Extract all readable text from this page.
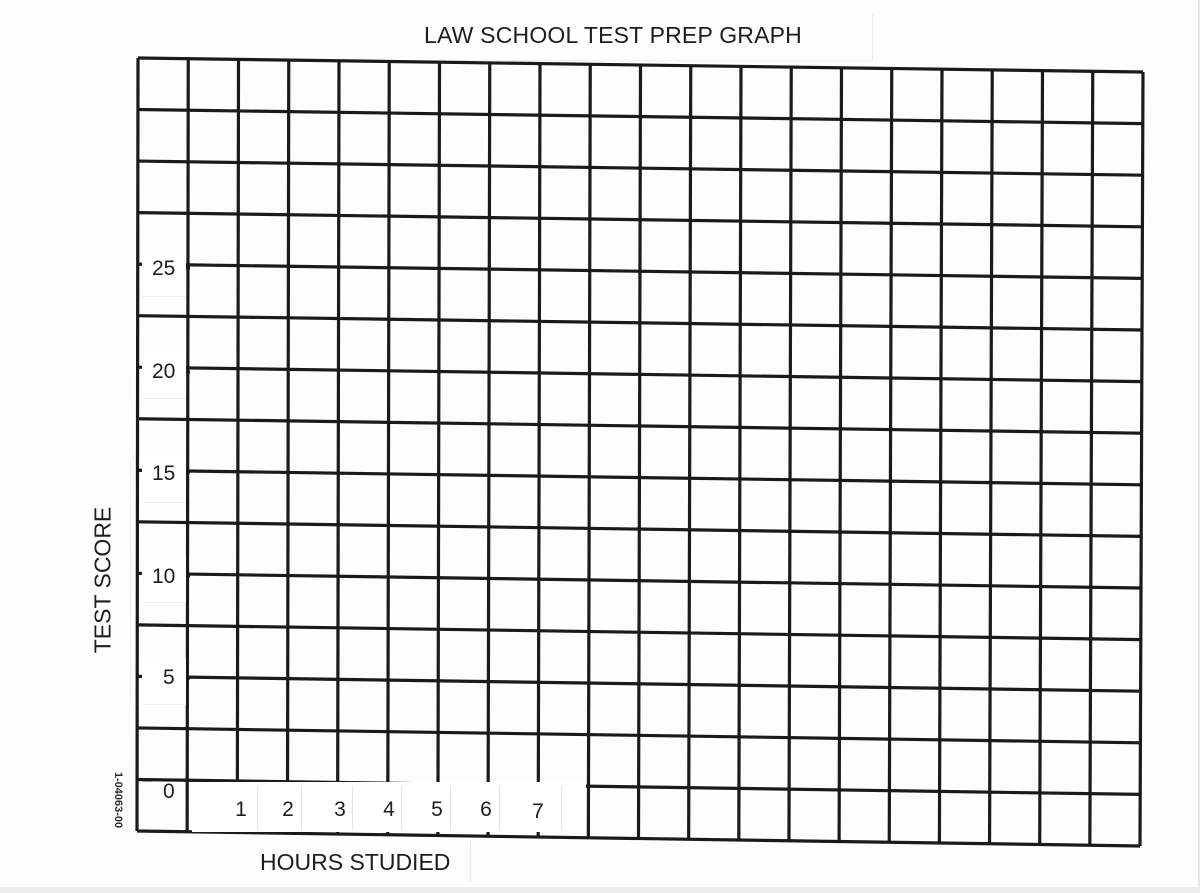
LAW SCHOOL TEST PREP GRAPH
25
20
15
10
5
0
1	2	3	4	5	6	7
HOURS STUDIED
TEST SCORE
1-04063-00
